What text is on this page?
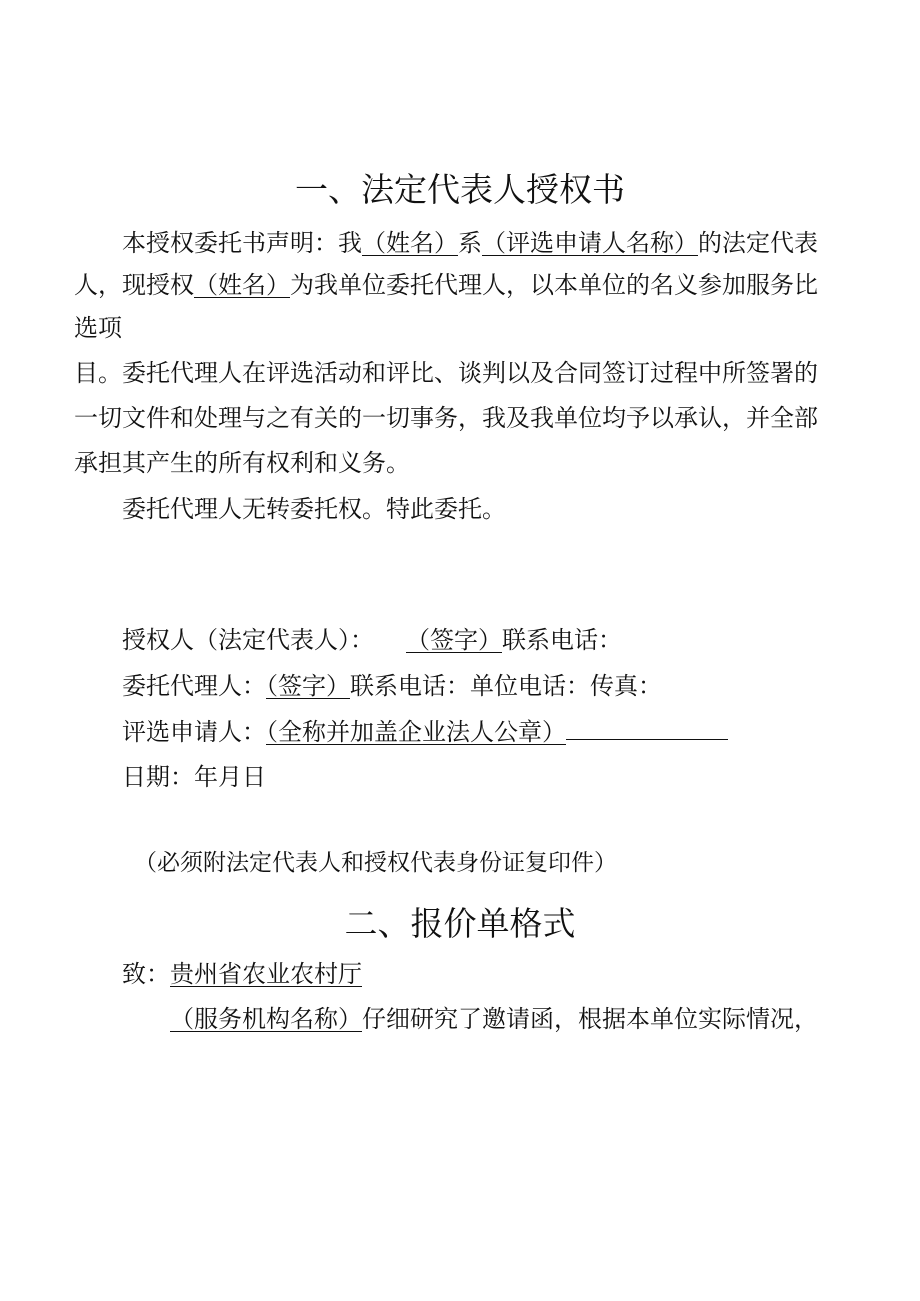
一、法定代表人授权书
本授权委托书声明：我（姓名）系（评选申请人名称）的法定代表
人，现授权（姓名）为我单位委托代理人，以本单位的名义参加服务比
选项
目。委托代理人在评选活动和评比、谈判以及合同签订过程中所签署的
一切文件和处理与之有关的一切事务，我及我单位均予以承认，并全部
承担其产生的所有权利和义务。
委托代理人无转委托权。特此委托。
授权人（法定代表人）： （签字）联系电话：
委托代理人：（签字）联系电话：单位电话：传真：
评选申请人：（全称并加盖企业法人公章）
日期：年月日
（必须附法定代表人和授权代表身份证复印件）
二、报价单格式
致：贵州省农业农村厅
（服务机构名称）仔细研究了邀请函，根据本单位实际情况，
